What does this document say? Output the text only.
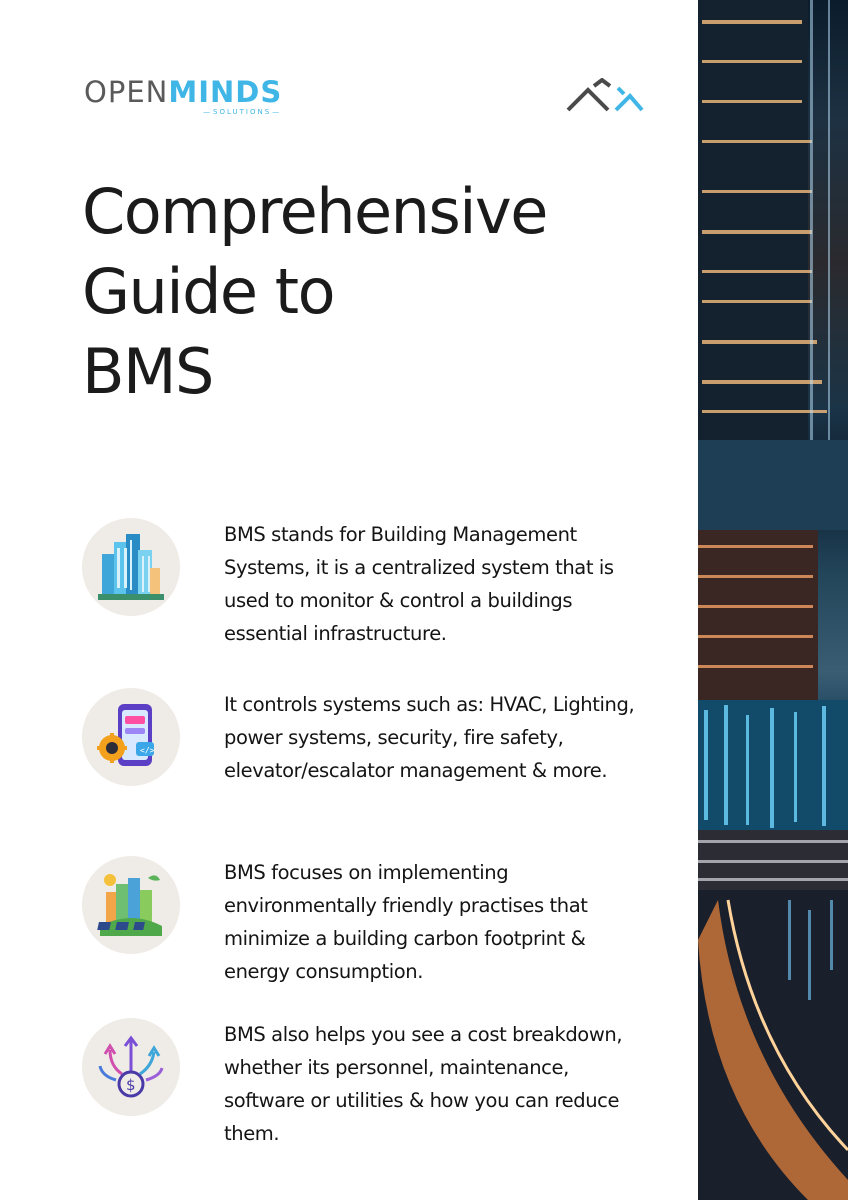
OPENMINDS
— SOLUTIONS —
Comprehensive
Guide to
BMS

BMS stands for Building Management Systems, it is a centralized system that is used to monitor & control a buildings essential infrastructure.

</>

It controls systems such as: HVAC, Lighting, power systems, security, fire safety, elevator/escalator management & more.

BMS focuses on implementing environmentally friendly practises that minimize a building carbon footprint & energy consumption.

$

BMS also helps you see a cost breakdown, whether its personnel, maintenance, software or utilities & how you can reduce them.
